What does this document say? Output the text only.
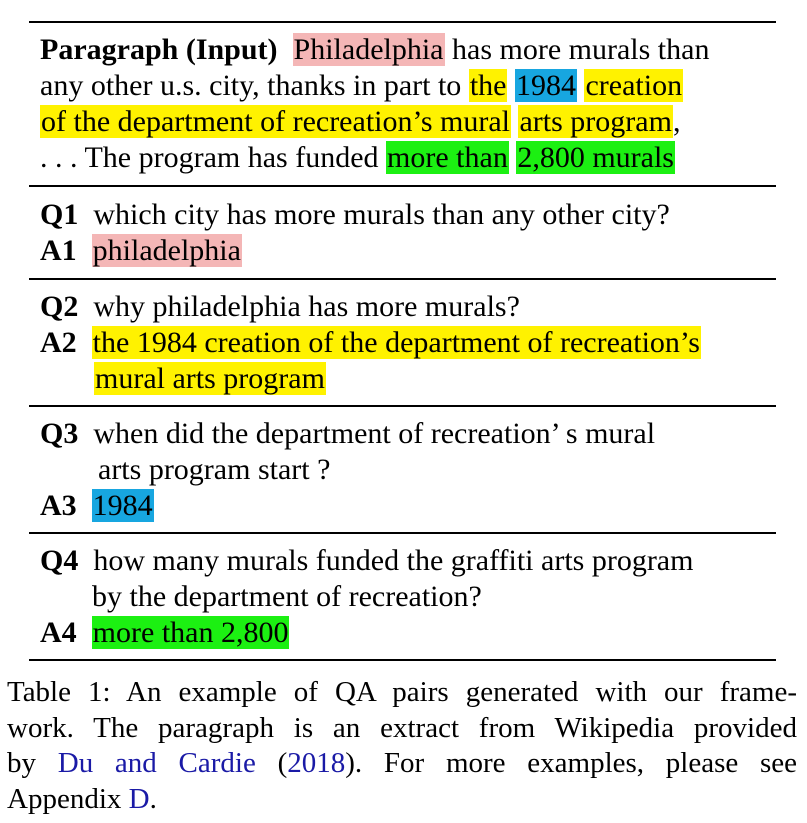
Paragraph (Input) Philadelphia has more murals than
any other u.s. city, thanks in part to the 1984 creation
of the department of recreation’s mural arts program,
. . . The program has funded more than 2,800 murals
Q1 which city has more murals than any other city?
A1 philadelphia
Q2 why philadelphia has more murals?
A2 the 1984 creation of the department of recreation’s
mural arts program
Q3 when did the department of recreation’ s mural
arts program start ?
A3 1984
Q4 how many murals funded the graffiti arts program
by the department of recreation?
A4 more than 2,800
Table 1: An example of QA pairs generated with our frame-
work. The paragraph is an extract from Wikipedia provided
by Du and Cardie (2018). For more examples, please see
Appendix D.
